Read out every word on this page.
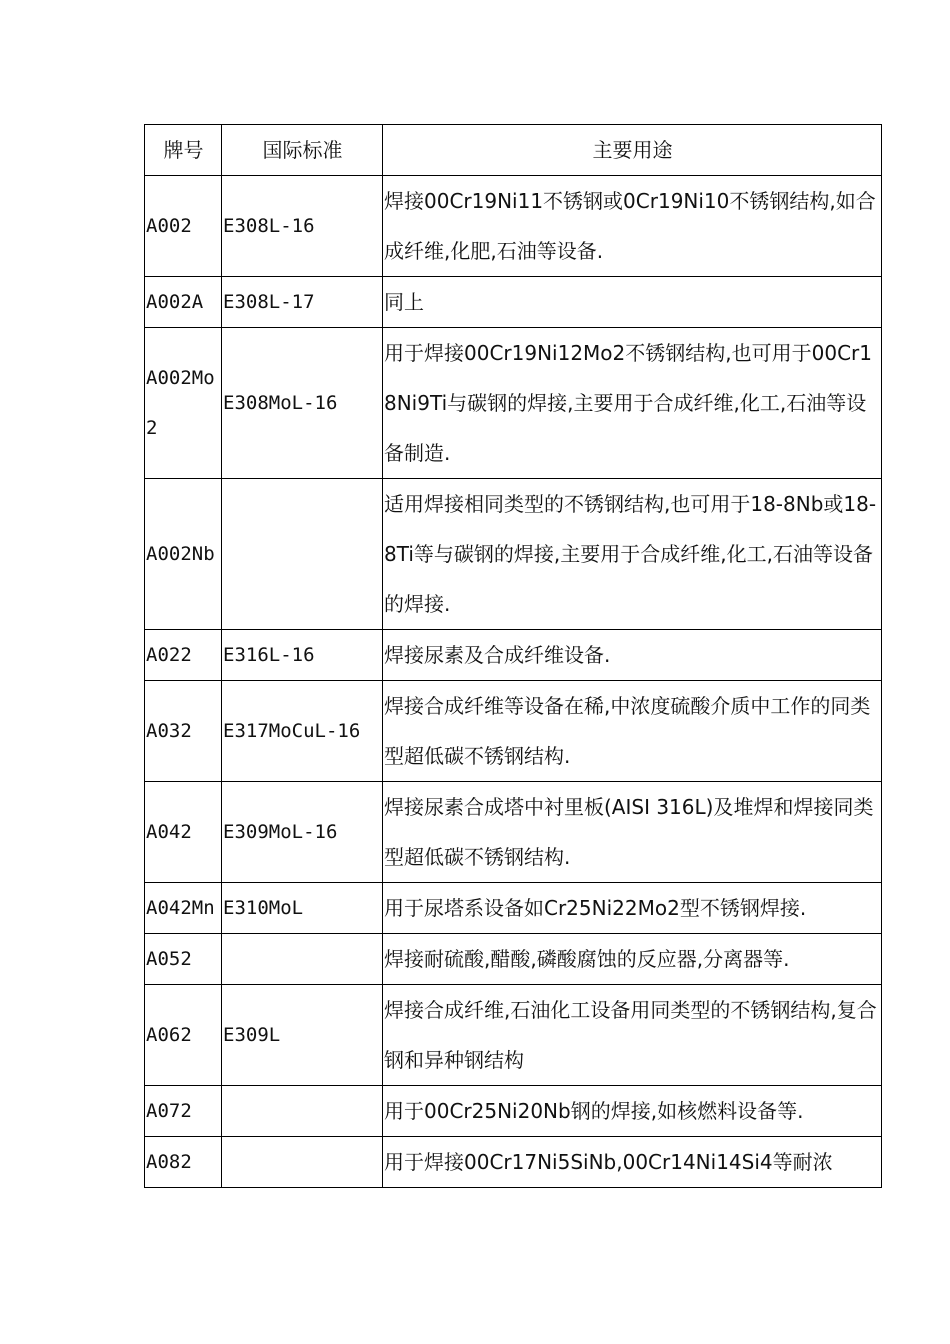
牌号	国际标准	主要用途
A002	E308L-16	焊接00Cr19Ni11不锈钢或0Cr19Ni10不锈钢结构,如合成纤维,化肥,石油等设备.
A002A	E308L-17	同上
A002Mo2	E308MoL-16	用于焊接00Cr19Ni12Mo2不锈钢结构,也可用于00Cr18Ni9Ti与碳钢的焊接,主要用于合成纤维,化工,石油等设备制造.
A002Nb		适用焊接相同类型的不锈钢结构,也可用于18-8Nb或18-8Ti等与碳钢的焊接,主要用于合成纤维,化工,石油等设备的焊接.
A022	E316L-16	焊接尿素及合成纤维设备.
A032	E317MoCuL-16	焊接合成纤维等设备在稀,中浓度硫酸介质中工作的同类型超低碳不锈钢结构.
A042	E309MoL-16	焊接尿素合成塔中衬里板(AISI 316L)及堆焊和焊接同类型超低碳不锈钢结构.
A042Mn	E310MoL	用于尿塔系设备如Cr25Ni22Mo2型不锈钢焊接.
A052		焊接耐硫酸,醋酸,磷酸腐蚀的反应器,分离器等.
A062	E309L	焊接合成纤维,石油化工设备用同类型的不锈钢结构,复合钢和异种钢结构
A072		用于00Cr25Ni20Nb钢的焊接,如核燃料设备等.
A082		用于焊接00Cr17Ni5SiNb,00Cr14Ni14Si4等耐浓
